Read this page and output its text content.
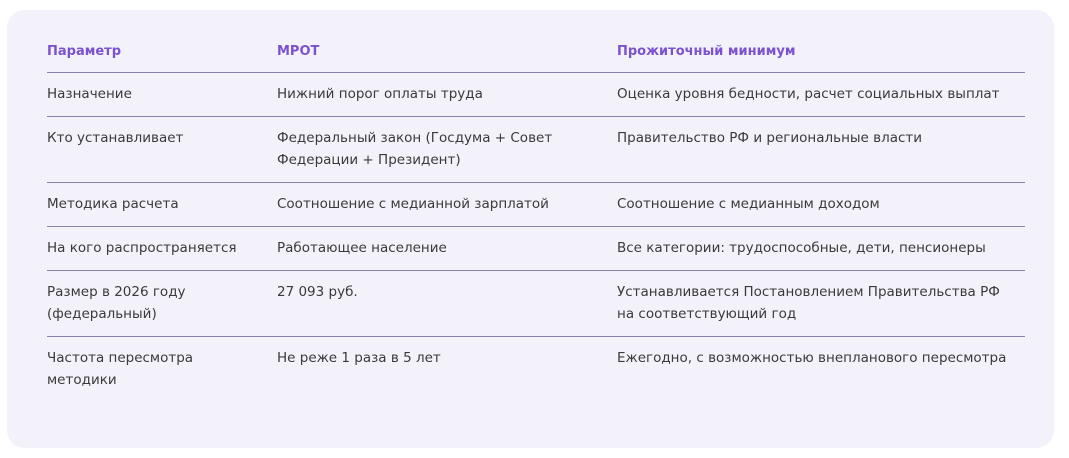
Параметр	МРОТ	Прожиточный минимум
Назначение	Нижний порог оплаты труда	Оценка уровня бедности, расчет социальных выплат
Кто устанавливает	Федеральный закон (Госдума + Совет Федерации + Президент)	Правительство РФ и региональные власти
Методика расчета	Соотношение с медианной зарплатой	Соотношение с медианным доходом
На кого распространяется	Работающее население	Все категории: трудоспособные, дети, пенсионеры
Размер в 2026 году (федеральный)	27 093 руб.	Устанавливается Постановлением Правительства РФ на соответствующий год
Частота пересмотра методики	Не реже 1 раза в 5 лет	Ежегодно, с возможностью внепланового пересмотра
